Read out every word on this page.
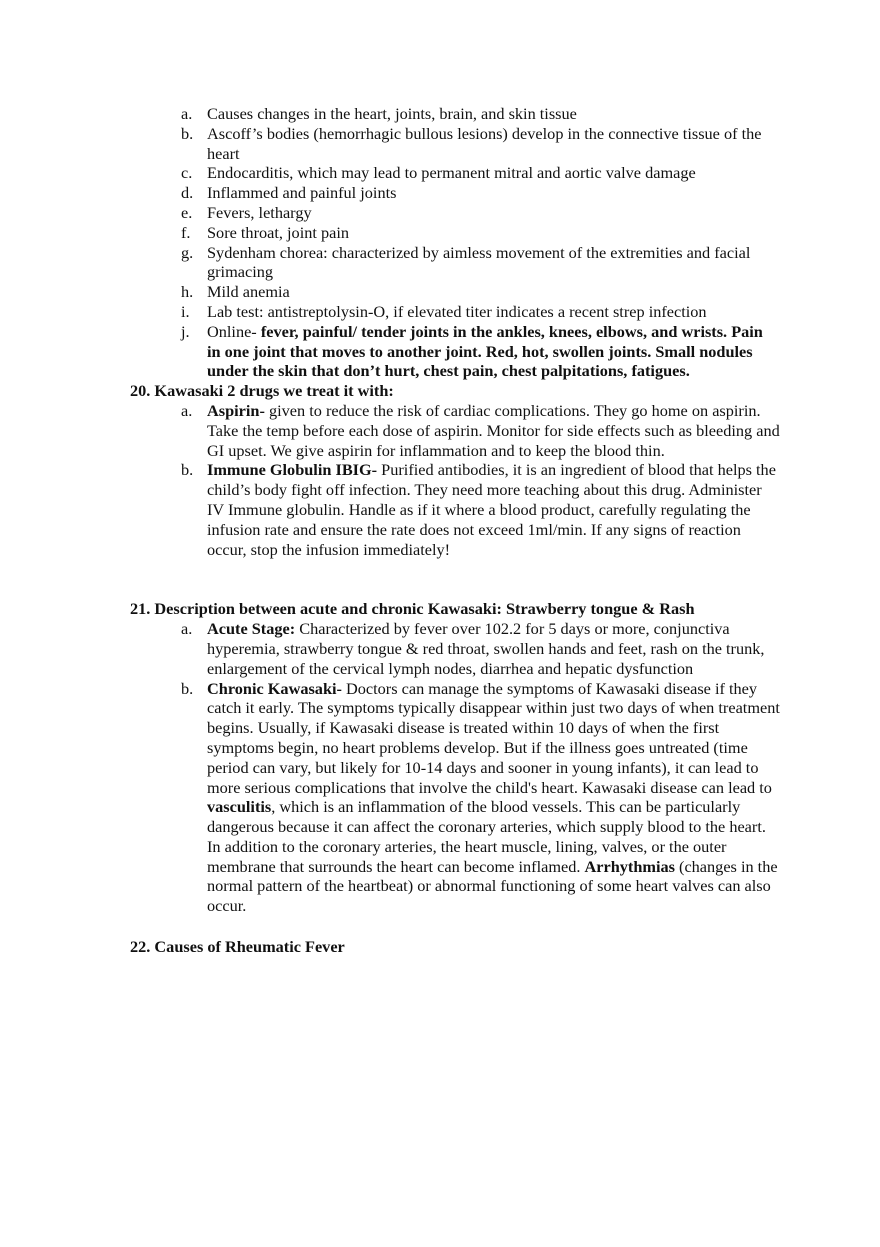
a. Causes changes in the heart, joints, brain, and skin tissue
b. Ascoff’s bodies (hemorrhagic bullous lesions) develop in the connective tissue of the heart
c. Endocarditis, which may lead to permanent mitral and aortic valve damage
d. Inflammed and painful joints
e. Fevers, lethargy
f. Sore throat, joint pain
g. Sydenham chorea: characterized by aimless movement of the extremities and facial grimacing
h. Mild anemia
i. Lab test: antistreptolysin-O, if elevated titer indicates a recent strep infection
j. Online- fever, painful/ tender joints in the ankles, knees, elbows, and wrists. Pain in one joint that moves to another joint. Red, hot, swollen joints. Small nodules under the skin that don’t hurt, chest pain, chest palpitations, fatigues.
20. Kawasaki 2 drugs we treat it with:
a. Aspirin- given to reduce the risk of cardiac complications. They go home on aspirin. Take the temp before each dose of aspirin. Monitor for side effects such as bleeding and GI upset. We give aspirin for inflammation and to keep the blood thin.
b. Immune Globulin IBIG- Purified antibodies, it is an ingredient of blood that helps the child’s body fight off infection. They need more teaching about this drug. Administer IV Immune globulin. Handle as if it where a blood product, carefully regulating the infusion rate and ensure the rate does not exceed 1ml/min. If any signs of reaction occur, stop the infusion immediately!
21. Description between acute and chronic Kawasaki: Strawberry tongue & Rash
a. Acute Stage: Characterized by fever over 102.2 for 5 days or more, conjunctiva hyperemia, strawberry tongue & red throat, swollen hands and feet, rash on the trunk, enlargement of the cervical lymph nodes, diarrhea and hepatic dysfunction
b. Chronic Kawasaki- Doctors can manage the symptoms of Kawasaki disease if they catch it early. The symptoms typically disappear within just two days of when treatment begins. Usually, if Kawasaki disease is treated within 10 days of when the first symptoms begin, no heart problems develop. But if the illness goes untreated (time period can vary, but likely for 10-14 days and sooner in young infants), it can lead to more serious complications that involve the child's heart. Kawasaki disease can lead to vasculitis, which is an inflammation of the blood vessels. This can be particularly dangerous because it can affect the coronary arteries, which supply blood to the heart. In addition to the coronary arteries, the heart muscle, lining, valves, or the outer membrane that surrounds the heart can become inflamed. Arrhythmias (changes in the normal pattern of the heartbeat) or abnormal functioning of some heart valves can also occur.
22. Causes of Rheumatic Fever
